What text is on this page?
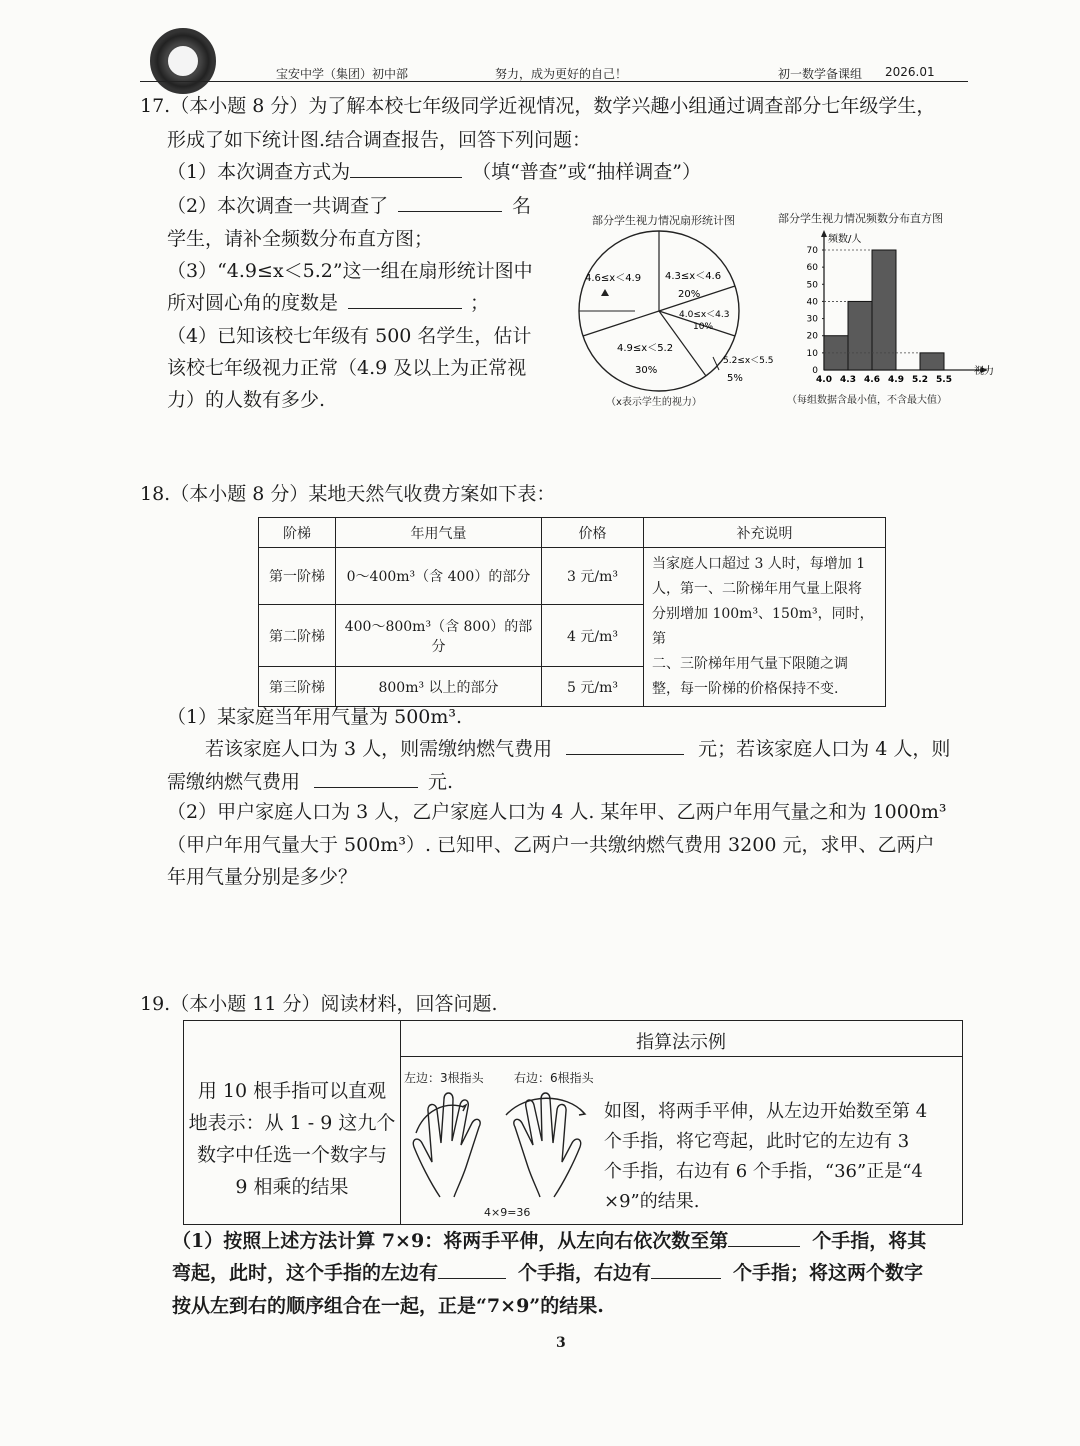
宝安中学（集团）初中部	努力，成为更好的自己！	初一数学备课组 2026.01
17.（本小题 8 分）为了解本校七年级同学近视情况，数学兴趣小组通过调查部分七年级学生，
形成了如下统计图.结合调查报告，回答下列问题：
（1）本次调查方式为	（填“普查”或“抽样调查”）
（2）本次调查一共调查了	名
学生，请补全频数分布直方图；
（3）“4.9≤x＜5.2”这一组在扇形统计图中
所对圆心角的度数是	；
（4）已知该校七年级有 500 名学生，估计
该校七年级视力正常（4.9 及以上为正常视
力）的人数有多少.
部分学生视力情况扇形统计图
4.3≤x＜4.6
20%
4.0≤x＜4.3
10%
5.2≤x＜5.5
5%
4.9≤x＜5.2
30%
4.6≤x＜4.9
（x表示学生的视力）
部分学生视力情况频数分布直方图
0
10
20
30
40
50
60
70
4.0 4.3 4.6 4.9 5.2 5.5
频数/人
视力
（每组数据含最小值，不含最大值）
18.（本小题 8 分）某地天然气收费方案如下表：
阶梯	年用气量	价格	补充说明
第一阶梯	0～400m³（含 400）的部分	3 元/m³	当家庭人口超过 3 人时，每增加 1
人，第一、二阶梯年用气量上限将
分别增加 100m³、150m³，同时，第
二、三阶梯年用气量下限随之调
整，每一阶梯的价格保持不变.

第二阶梯	400～800m³（含 800）的部分	4 元/m³	
第三阶梯	800m³ 以上的部分	5 元/m³	
（1）某家庭当年用气量为 500m³.
若该家庭人口为 3 人，则需缴纳燃气费用	元；若该家庭人口为 4 人，则
需缴纳燃气费用	元.
（2）甲户家庭人口为 3 人，乙户家庭人口为 4 人. 某年甲、乙两户年用气量之和为 1000m³
（甲户年用气量大于 500m³）. 已知甲、乙两户一共缴纳燃气费用 3200 元，求甲、乙两户
年用气量分别是多少？
19.（本小题 11 分）阅读材料，回答问题.
用 10 根手指可以直观
地表示：从 1 - 9 这九个
数字中任选一个数字与
9 相乘的结果
指算法示例
左边：3根指头	右边：6根指头
4×9=36
如图，将两手平伸，从左边开始数至第 4
个手指，将它弯起，此时它的左边有 3
个手指，右边有 6 个手指，“36”正是“4
×9”的结果.
（1）按照上述方法计算 7×9：将两手平伸，从左向右依次数至第	个手指，将其
弯起，此时，这个手指的左边有	个手指，右边有	个手指；将这两个数字
按从左到右的顺序组合在一起，正是“7×9”的结果.
3
